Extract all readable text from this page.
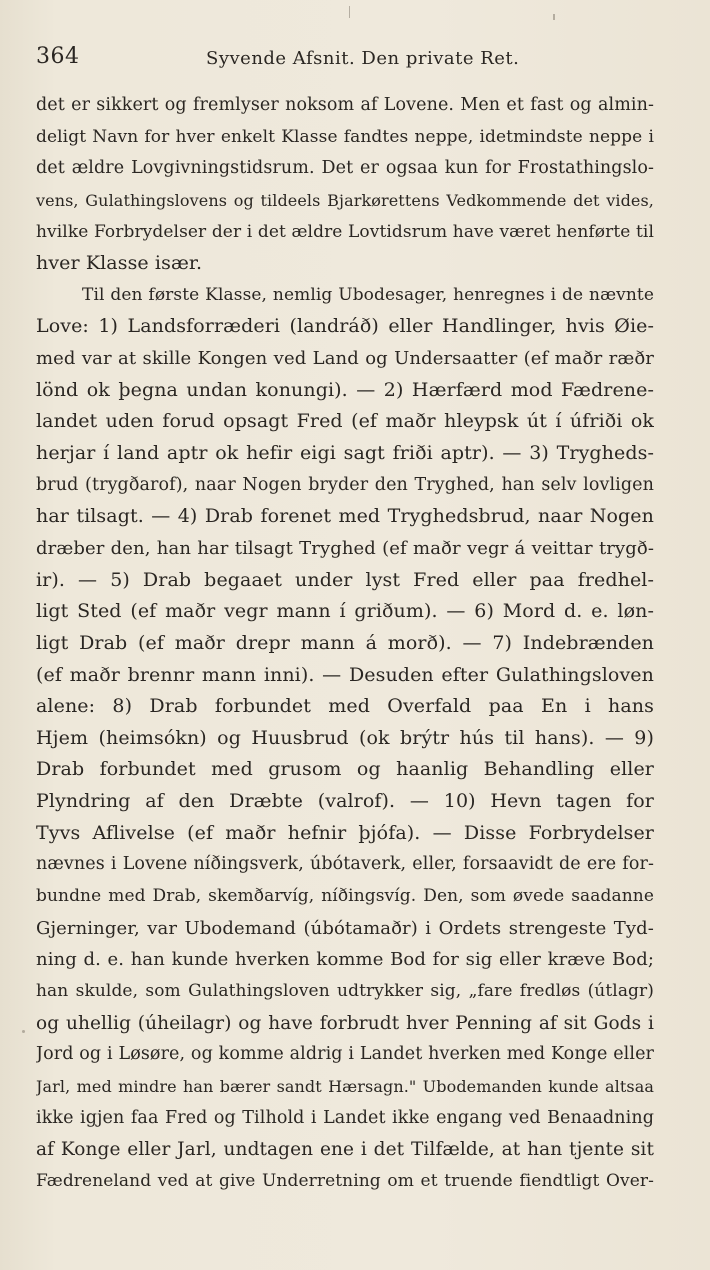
364	Syvende Afsnit. Den private Ret.
det er sikkert og fremlyser noksom af Lovene. Men et fast og almin-
deligt Navn for hver enkelt Klasse fandtes neppe, idetmindste neppe i
det ældre Lovgivningstidsrum. Det er ogsaa kun for Frostathingslo-
vens, Gulathingslovens og tildeels Bjarkørettens Vedkommende det vides,
hvilke Forbrydelser der i det ældre Lovtidsrum have været henførte til
hver Klasse især.
Til den første Klasse, nemlig Ubodesager, henregnes i de nævnte
Love: 1) Landsforræderi (landráð) eller Handlinger, hvis Øie-
med var at skille Kongen ved Land og Undersaatter (ef maðr ræðr
lönd ok þegna undan konungi). — 2) Hærfærd mod Fædrene-
landet uden forud opsagt Fred (ef maðr hleypsk út í úfriði ok
herjar í land aptr ok hefir eigi sagt friði aptr). — 3) Trygheds-
brud (trygðarof), naar Nogen bryder den Tryghed, han selv lovligen
har tilsagt. — 4) Drab forenet med Tryghedsbrud, naar Nogen
dræber den, han har tilsagt Tryghed (ef maðr vegr á veittar trygð-
ir). — 5) Drab begaaet under lyst Fred eller paa fredhel-
ligt Sted (ef maðr vegr mann í griðum). — 6) Mord d. e. løn-
ligt Drab (ef maðr drepr mann á morð). — 7) Indebrænden
(ef maðr brennr mann inni). — Desuden efter Gulathingsloven
alene: 8) Drab forbundet med Overfald paa En i hans
Hjem (heimsókn) og Huusbrud (ok brýtr hús til hans). — 9)
Drab forbundet med grusom og haanlig Behandling eller
Plyndring af den Dræbte (valrof). — 10) Hevn tagen for
Tyvs Aflivelse (ef maðr hefnir þjófa). — Disse Forbrydelser
nævnes i Lovene níðingsverk, úbótaverk, eller, forsaavidt de ere for-
bundne med Drab, skemðarvíg, níðingsvíg. Den, som øvede saadanne
Gjerninger, var Ubodemand (úbótamaðr) i Ordets strengeste Tyd-
ning d. e. han kunde hverken komme Bod for sig eller kræve Bod;
han skulde, som Gulathingsloven udtrykker sig, „fare fredløs (útlagr)
og uhellig (úheilagr) og have forbrudt hver Penning af sit Gods i
Jord og i Løsøre, og komme aldrig i Landet hverken med Konge eller
Jarl, med mindre han bærer sandt Hærsagn." Ubodemanden kunde altsaa
ikke igjen faa Fred og Tilhold i Landet ikke engang ved Benaadning
af Konge eller Jarl, undtagen ene i det Tilfælde, at han tjente sit
Fædreneland ved at give Underretning om et truende fiendtligt Over-
